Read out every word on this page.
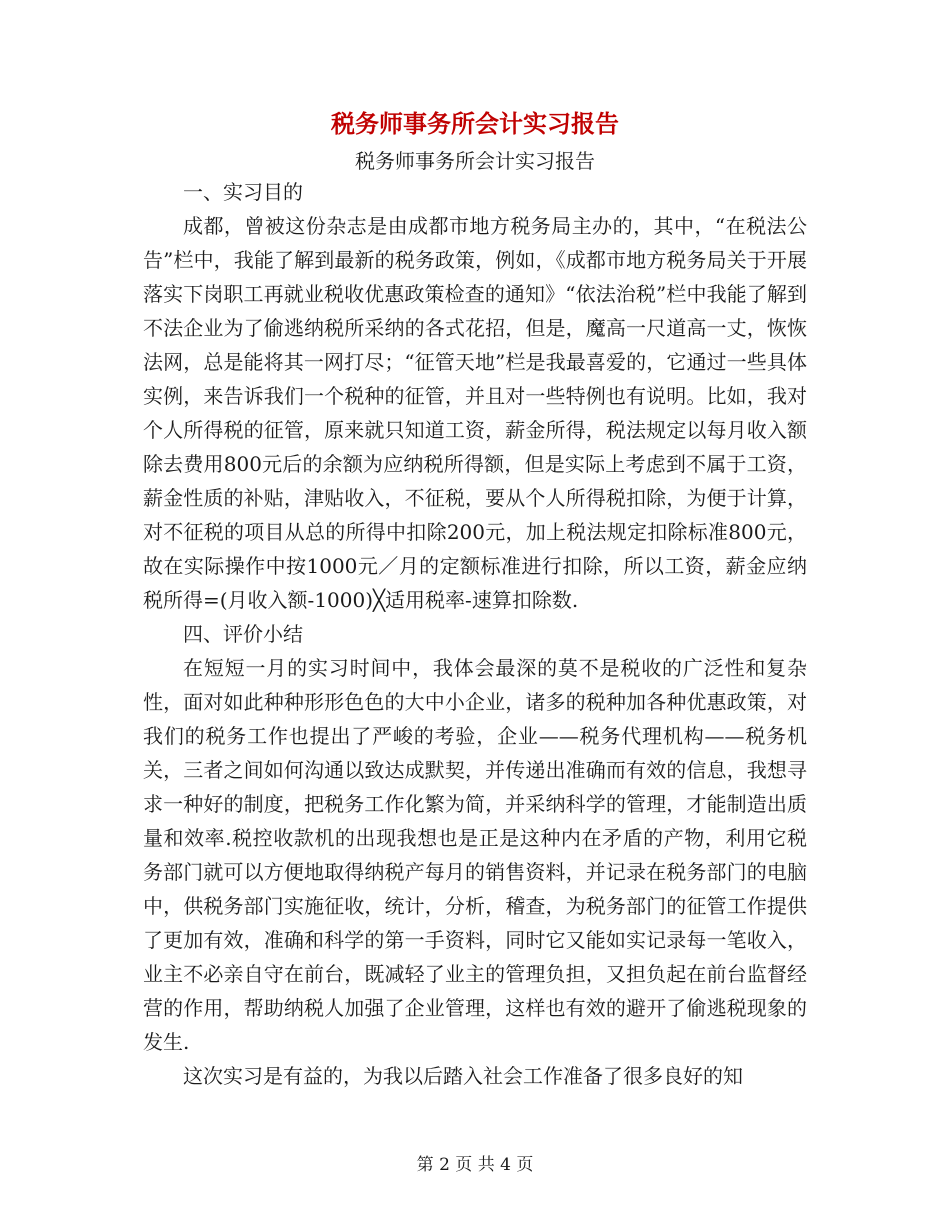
税务师事务所会计实习报告
税务师事务所会计实习报告

一、实习目的

成都，曾被这份杂志是由成都市地方税务局主办的，其中，“在税法公告”栏中，我能了解到最新的税务政策，例如，《成都市地方税务局关于开展落实下岗职工再就业税收优惠政策检查的通知》“依法治税”栏中我能了解到不法企业为了偷逃纳税所采纳的各式花招，但是，魔高一尺道高一丈，恢恢法网，总是能将其一网打尽；“征管天地”栏是我最喜爱的，它通过一些具体实例，来告诉我们一个税种的征管，并且对一些特例也有说明。比如，我对个人所得税的征管，原来就只知道工资，薪金所得，税法规定以每月收入额除去费用800元后的余额为应纳税所得额，但是实际上考虑到不属于工资，薪金性质的补贴，津贴收入，不征税，要从个人所得税扣除，为便于计算，对不征税的项目从总的所得中扣除200元，加上税法规定扣除标准800元，故在实际操作中按1000元／月的定额标准进行扣除，所以工资，薪金应纳税所得=(月收入额-1000)╳适用税率-速算扣除数.

四、评价小结

在短短一月的实习时间中，我体会最深的莫不是税收的广泛性和复杂性，面对如此种种形形色色的大中小企业，诸多的税种加各种优惠政策，对我们的税务工作也提出了严峻的考验，企业——税务代理机构——税务机关，三者之间如何沟通以致达成默契，并传递出准确而有效的信息，我想寻求一种好的制度，把税务工作化繁为简，并采纳科学的管理，才能制造出质量和效率.税控收款机的出现我想也是正是这种内在矛盾的产物，利用它税务部门就可以方便地取得纳税产每月的销售资料，并记录在税务部门的电脑中，供税务部门实施征收，统计，分析，稽查，为税务部门的征管工作提供了更加有效，准确和科学的第一手资料，同时它又能如实记录每一笔收入，业主不必亲自守在前台，既减轻了业主的管理负担，又担负起在前台监督经营的作用，帮助纳税人加强了企业管理，这样也有效的避开了偷逃税现象的发生.

这次实习是有益的，为我以后踏入社会工作准备了很多良好的知

第 2 页 共 4 页
